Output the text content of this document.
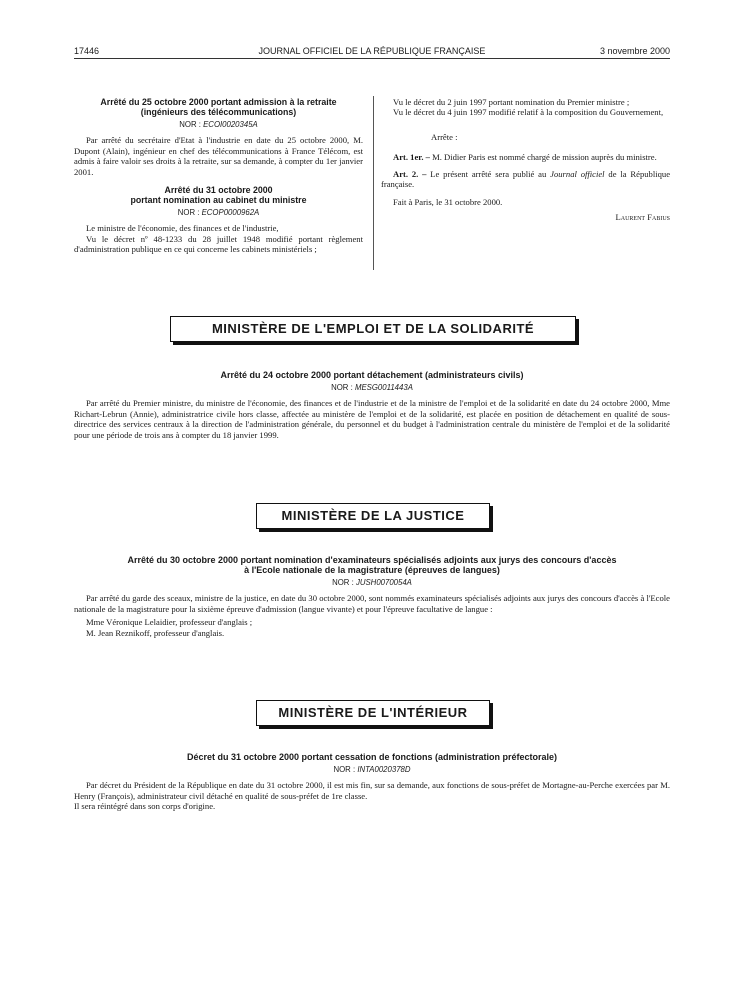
17446	JOURNAL OFFICIEL DE LA RÉPUBLIQUE FRANÇAISE	3 novembre 2000
Arrêté du 25 octobre 2000 portant admission à la retraite
(ingénieurs des télécommunications)
NOR : ECOI0020345A

Par arrêté du secrétaire d'Etat à l'industrie en date du 25 octobre 2000, M. Dupont (Alain), ingénieur en chef des télécommunications à France Télécom, est admis à faire valoir ses droits à la retraite, sur sa demande, à compter du 1er janvier 2001.

Arrêté du 31 octobre 2000
portant nomination au cabinet du ministre
NOR : ECOP0000962A

Le ministre de l'économie, des finances et de l'industrie,

Vu le décret nº 48-1233 du 28 juillet 1948 modifié portant règlement d'administration publique en ce qui concerne les cabinets ministériels ;

Vu le décret du 2 juin 1997 portant nomination du Premier ministre ;

Vu le décret du 4 juin 1997 modifié relatif à la composition du Gouvernement,

Arrête :

Art. 1er. – M. Didier Paris est nommé chargé de mission auprès du ministre.

Art. 2. – Le présent arrêté sera publié au Journal officiel de la République française.

Fait à Paris, le 31 octobre 2000.

Laurent Fabius
MINISTÈRE DE L'EMPLOI ET DE LA SOLIDARITÉ
Arrêté du 24 octobre 2000 portant détachement (administrateurs civils)
NOR : MESG0011443A

Par arrêté du Premier ministre, du ministre de l'économie, des finances et de l'industrie et de la ministre de l'emploi et de la solidarité en date du 24 octobre 2000, Mme Richart-Lebrun (Annie), administratrice civile hors classe, affectée au ministère de l'emploi et de la solidarité, est placée en position de détachement en qualité de sous-directrice des services centraux à la direction de l'administration générale, du personnel et du budget à l'administration centrale du ministère de l'emploi et de la solidarité pour une période de trois ans à compter du 18 janvier 1999.

MINISTÈRE DE LA JUSTICE
Arrêté du 30 octobre 2000 portant nomination d'examinateurs spécialisés adjoints aux jurys des concours d'accès
à l'Ecole nationale de la magistrature (épreuves de langues)
NOR : JUSH0070054A

Par arrêté du garde des sceaux, ministre de la justice, en date du 30 octobre 2000, sont nommés examinateurs spécialisés adjoints aux jurys des concours d'accès à l'Ecole nationale de la magistrature pour la sixième épreuve d'admission (langue vivante) et pour l'épreuve facultative de langue :

Mme Véronique Lelaidier, professeur d'anglais ;

M. Jean Reznikoff, professeur d'anglais.

MINISTÈRE DE L'INTÉRIEUR
Décret du 31 octobre 2000 portant cessation de fonctions (administration préfectorale)
NOR : INTA0020378D

Par décret du Président de la République en date du 31 octobre 2000, il est mis fin, sur sa demande, aux fonctions de sous-préfet de Mortagne-au-Perche exercées par M. Henry (François), administrateur civil détaché en qualité de sous-préfet de 1re classe.

Il sera réintégré dans son corps d'origine.
